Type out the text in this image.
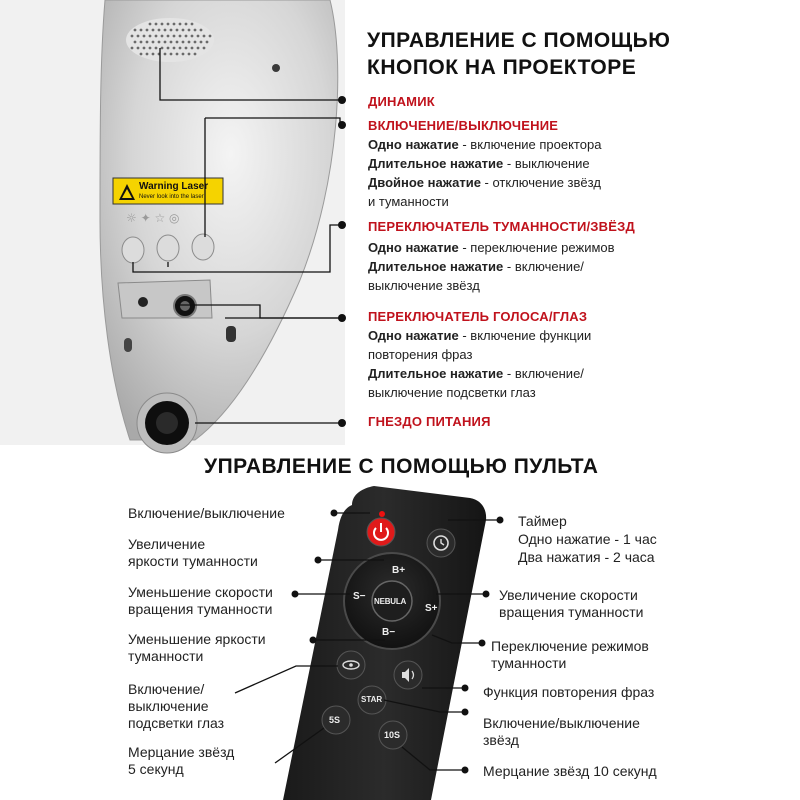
☼ ✦ ☆ ◎
Warning Laser
Never look into the laser
B+
B−
S−
S+
NEBULA
STAR
5S
10S
УПРАВЛЕНИЕ С ПОМОЩЬЮ
КНОПОК НА ПРОЕКТОРЕ
ДИНАМИК
ВКЛЮЧЕНИЕ/ВЫКЛЮЧЕНИЕ
Одно нажатие - включение проектора
Длительное нажатие - выключение
Двойное нажатие - отключение звёзд
и туманности
ПЕРЕКЛЮЧАТЕЛЬ ТУМАННОСТИ/ЗВЁЗД
Одно нажатие - переключение режимов
Длительное нажатие - включение/
выключение звёзд
ПЕРЕКЛЮЧАТЕЛЬ ГОЛОСА/ГЛАЗ
Одно нажатие - включение функции
повторения фраз
Длительное нажатие - включение/
выключение подсветки глаз
ГНЕЗДО ПИТАНИЯ
УПРАВЛЕНИЕ С ПОМОЩЬЮ ПУЛЬТА
Включение/выключение
Увеличение
яркости туманности
Уменьшение скорости
вращения туманности
Уменьшение яркости
туманности
Включение/
выключение
подсветки глаз
Мерцание звёзд
5 секунд
Таймер
Одно нажатие - 1 час
Два нажатия - 2 часа
Увеличение скорости
вращения туманности
Переключение режимов
туманности
Функция повторения фраз
Включение/выключение
звёзд
Мерцание звёзд 10 секунд
